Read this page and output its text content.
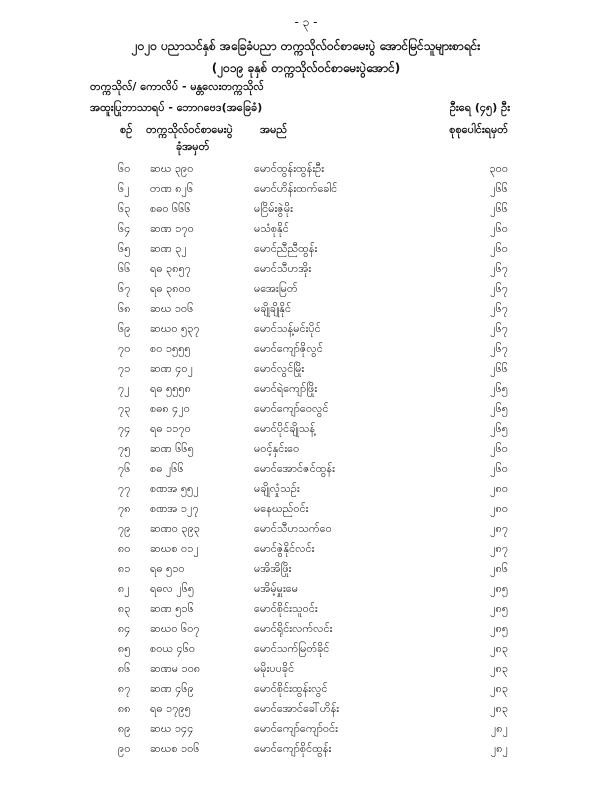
- ၃ -
၂၀၂၀ ပညာသင်နှစ် အခြေခံပညာ တက္ကသိုလ်ဝင်စာမေးပွဲ အောင်မြင်သူများစာရင်း
(၂၀၁၉ ခုနှစ် တက္ကသိုလ်ဝင်စာမေးပွဲအောင်)
တက္ကသိုလ်/ ကောလိပ် - မန္တလေးတက္ကသိုလ်
အထူးပြုဘာသာရပ် - ဘောဂဗေဒ(အခြေခံ)	ဦးရေ (၄၅) ဦး
စဉ် တက္ကသိုလ်ဝင်စာမေးပွဲ
ခုံအမှတ်
အမည်	စုစုပေါင်းရမှတ်
	၆၀	ဆဃ ၃၉၀	မောင်ထွန်းထွန်းဦး	၃၀၀	
	၆၂	တဏ ၈၂၆	မောင်ဟိန်းထက်ခေါင်	၂၆၆	
	၆၃	စဓ၀ ၆၆၆	မငြိမ်းဇွဲမိုး	၂၆၆	
	၆၄	ဆဏ ၁၇၀	မသံစုနိုင်	၂၆၀	
	၆၅	ဆဏ ၃၂	မောင်ညီညီထွန်း	၂၆၀	
	၆၆	ရဓ ၃၈၅၇	မောင်သီဟအိုး	၂၆၇	
	၆၇	ရဓ ၃၈၀၀	မအေးမြတ်	၂၆၇	
	၆၈	ဆဃ ၁၀၆	မချိုချိုနိုင်	၂၆၇	
	၆၉	ဆဃ၀ ၅၃၇	မောင်သန့်မင်းပိုင်	၂၆၇	
	၇၀	စ၀ ၁၅၅၅	မောင်ကျော်ဇိုလွင်	၂၆၇	
	၇၁	ဆဏ ၄၀၂	မောင်လွင်မြိုး	၂၆၆	
	၇၂	ရဓ ၅၅၅၈	မောင်ရဲကျော်ဖြိုး	၂၆၅	
	၇၃	စဓ၈ ၄၂၀	မောင်ကျော်ဝေလွင်	၂၆၅	
	၇၄	ရဓ ၁၁၇၀	မောင်ပိုင်ချိုသန့်	၂၆၅	
	၇၅	ဆဏ ၆၆၅	မဝင့်နှင်းဝေ	၂၆၀	
	၇၆	စဓ ၂၆၆	မောင်အောင်ဇင်ထွန်း	၂၆၀	
	၇၇	စဏအ ၅၅၂	မချိုလှုံသဉ်း	၂၈၀	
	၇၈	စဏအ ၁၂၇	မနေဃည်ဝင်း	၂၈၀	
	၇၉	ဆဏ၀ ၃၉၃	မောင်သီဟသက်ဝေ	၂၈၇	
	၈၀	ဆဃစ ၀၁၂	မောင်ဇွဲနိုင်လင်း	၂၈၇	
	၈၁	ရဓ ၅၁၀	မအိအိဖြိုး	၂၈၆	
	၈၂	ရဓလ ၂၆၅	မအိမ့်မှူးမေ	၂၈၅	
	၈၃	ဆဏ ၅၁၆	မောင်စိုင်းသူဝင်း	၂၈၅	
	၈၄	ဆဃ၀ ၆၀၇	မောင်ရိုင်းလက်လင်း	၂၈၅	
	၈၅	စ၀ယ ၄၆၀	မောင်သက်မြတ်ခိုင်	၂၈၃	
	၈၆	ဆဏမ ၁၀၈	မမိုးပပခိုင်	၂၈၃	
	၈၇	ဆဏ ၄၆၉	မောင်စိုင်းထွန်းလွင်	၂၈၃	
	၈၈	ရဓ ၁၇၉၅	မောင်အောင်ခေါ်ဟိန်း	၂၈၃	
	၈၉	ဆဃ ၁၄၄	မောင်ကျော်ကျော်ဝင်း	၂၈၂	
	၉၀	ဆဃစ ၁၀၆	မောင်ကျော်စိုင်ထွန်း	၂၈၂	
